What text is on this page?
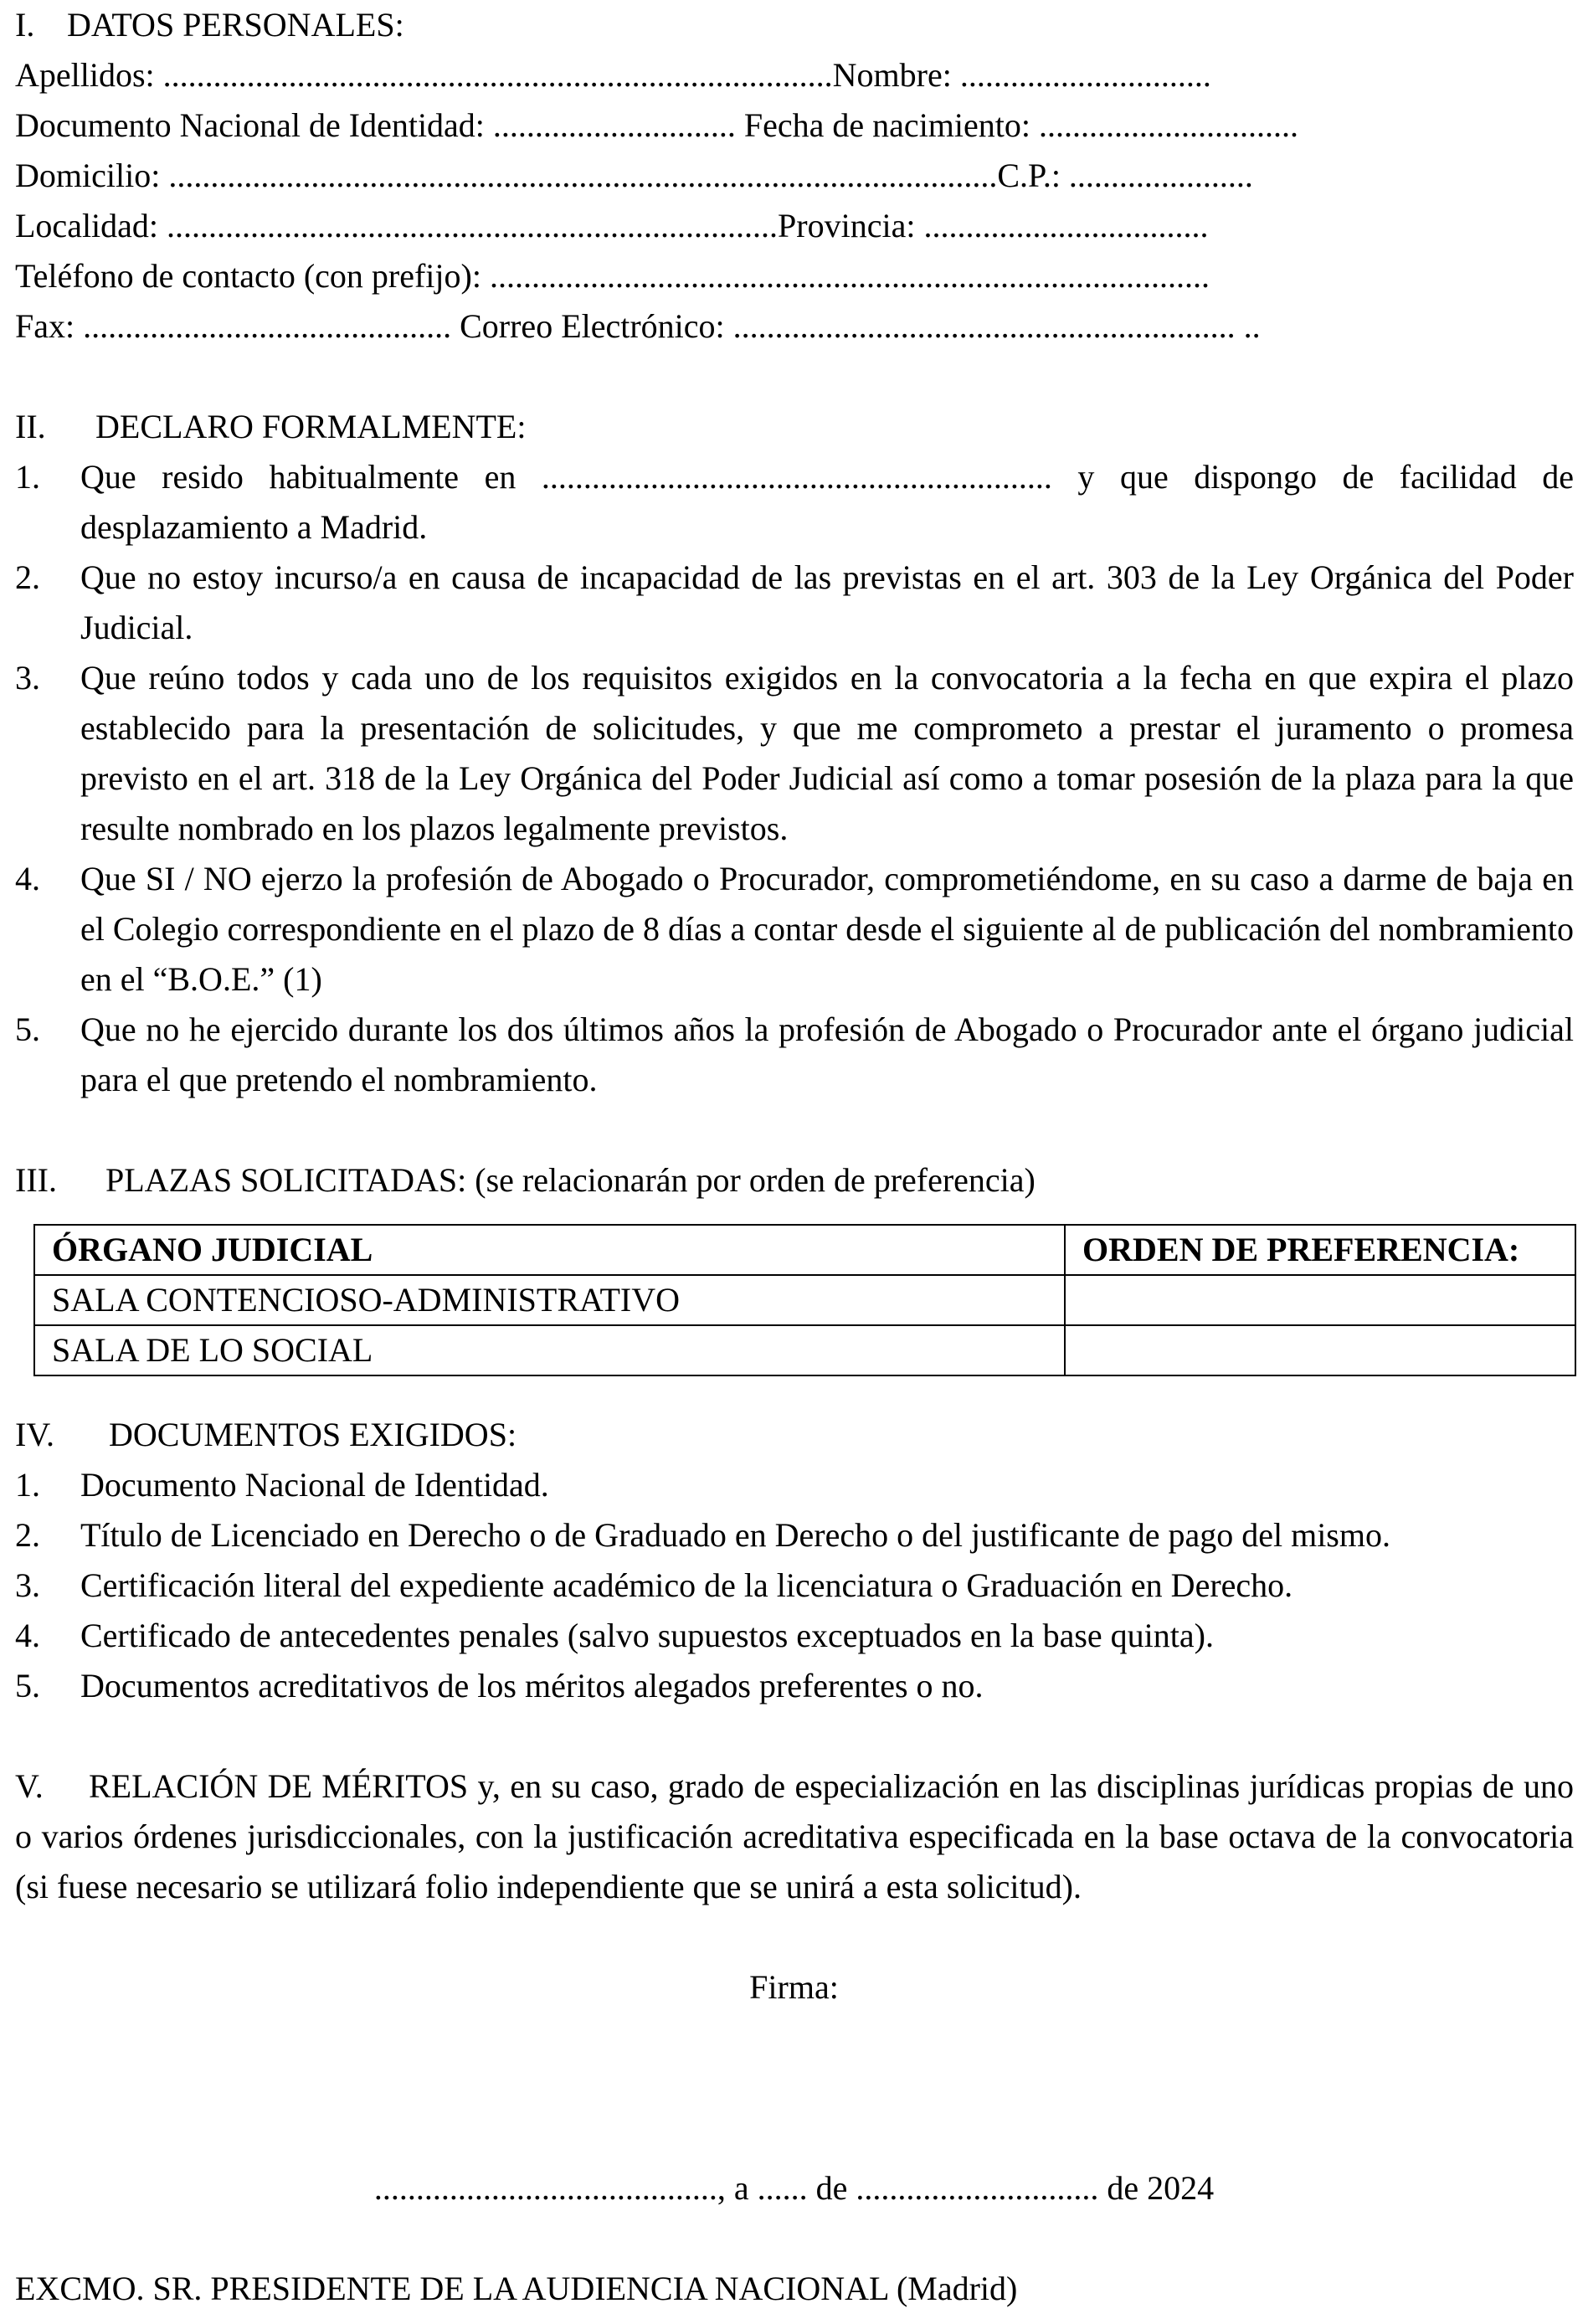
I. DATOS PERSONALES:
Apellidos: ................................................................................Nombre: ..............................
Documento Nacional de Identidad: ............................. Fecha de nacimiento: ...............................
Domicilio: ...................................................................................................C.P.: ......................
Localidad: .........................................................................Provincia: ..................................
Teléfono de contacto (con prefijo): ......................................................................................
Fax: ............................................ Correo Electrónico: ............................................................ ..
II. DECLARO FORMALMENTE:
1. Que resido habitualmente en ............................................................. y que dispongo de facilidad de desplazamiento a Madrid.
2. Que no estoy incurso/a en causa de incapacidad de las previstas en el art. 303 de la Ley Orgánica del Poder Judicial.
3. Que reúno todos y cada uno de los requisitos exigidos en la convocatoria a la fecha en que expira el plazo establecido para la presentación de solicitudes, y que me comprometo a prestar el juramento o promesa previsto en el art. 318 de la Ley Orgánica del Poder Judicial así como a tomar posesión de la plaza para la que resulte nombrado en los plazos legalmente previstos.
4. Que SI / NO ejerzo la profesión de Abogado o Procurador, comprometiéndome, en su caso a darme de baja en el Colegio correspondiente en el plazo de 8 días a contar desde el siguiente al de publicación del nombramiento en el “B.O.E.” (1)
5. Que no he ejercido durante los dos últimos años la profesión de Abogado o Procurador ante el órgano judicial para el que pretendo el nombramiento.
III. PLAZAS SOLICITADAS: (se relacionarán por orden de preferencia)
ÓRGANO JUDICIAL	ORDEN DE PREFERENCIA:
SALA CONTENCIOSO-ADMINISTRATIVO	
SALA DE LO SOCIAL	
IV. DOCUMENTOS EXIGIDOS:
1. Documento Nacional de Identidad.
2. Título de Licenciado en Derecho o de Graduado en Derecho o del justificante de pago del mismo.
3. Certificación literal del expediente académico de la licenciatura o Graduación en Derecho.
4. Certificado de antecedentes penales (salvo supuestos exceptuados en la base quinta).
5. Documentos acreditativos de los méritos alegados preferentes o no.
V. RELACIÓN DE MÉRITOS y, en su caso, grado de especialización en las disciplinas jurídicas propias de uno o varios órdenes jurisdiccionales, con la justificación acreditativa especificada en la base octava de la convocatoria (si fuese necesario se utilizará folio independiente que se unirá a esta solicitud).
Firma:
........................................., a ...... de ............................. de 2024
EXCMO. SR. PRESIDENTE DE LA AUDIENCIA NACIONAL (Madrid)
